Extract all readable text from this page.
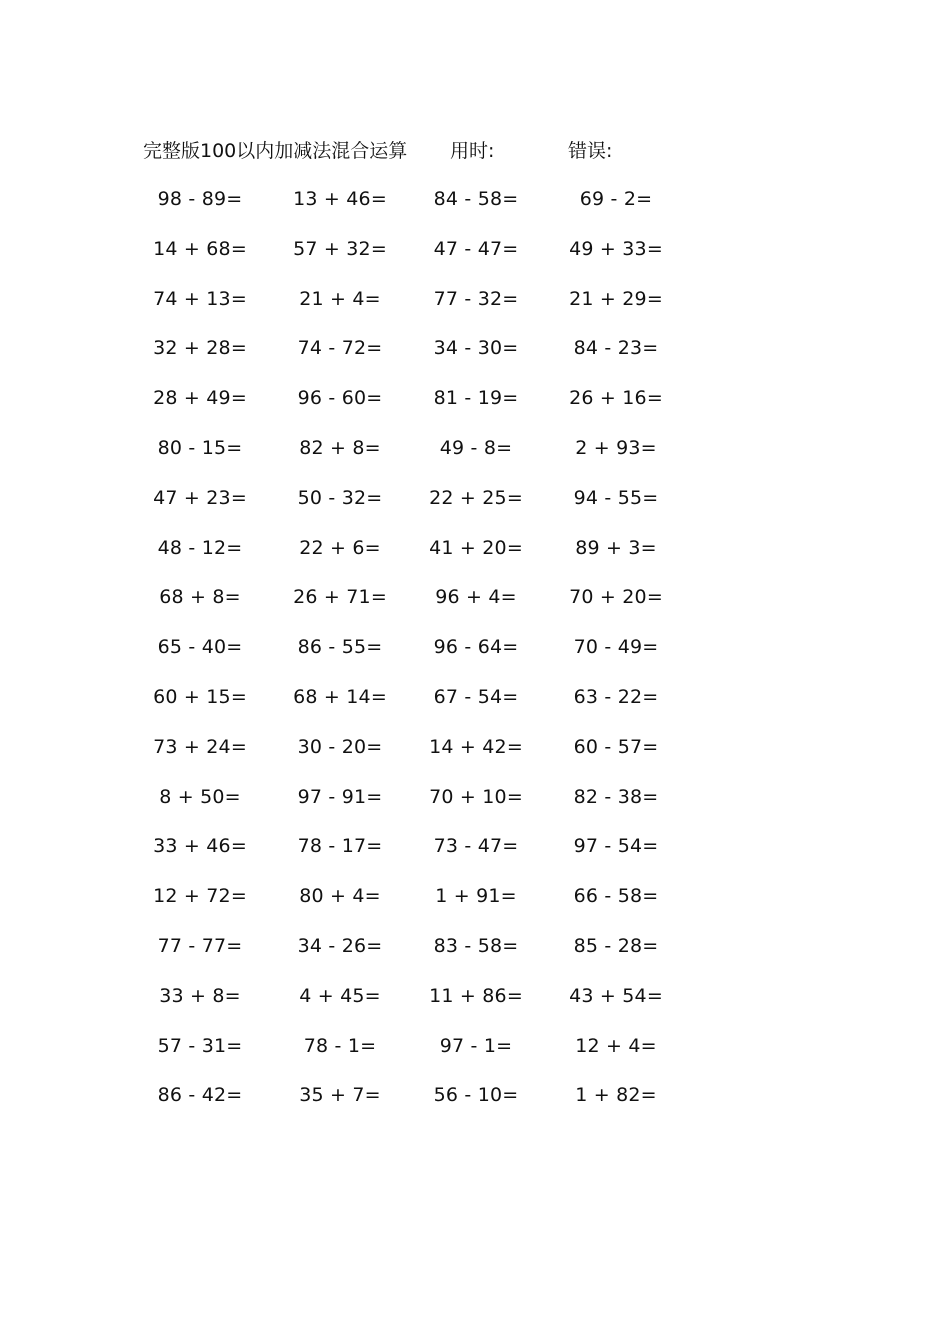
完整版100以内加减法混合运算 用时:	错误:
98 - 89=	13 + 46=	84 - 58=	69 - 2=
14 + 68=	57 + 32=	47 - 47=	49 + 33=
74 + 13=	21 + 4=	77 - 32=	21 + 29=
32 + 28=	74 - 72=	34 - 30=	84 - 23=
28 + 49=	96 - 60=	81 - 19=	26 + 16=
80 - 15=	82 + 8=	49 - 8=	2 + 93=
47 + 23=	50 - 32=	22 + 25=	94 - 55=
48 - 12=	22 + 6=	41 + 20=	89 + 3=
68 + 8=	26 + 71=	96 + 4=	70 + 20=
65 - 40=	86 - 55=	96 - 64=	70 - 49=
60 + 15=	68 + 14=	67 - 54=	63 - 22=
73 + 24=	30 - 20=	14 + 42=	60 - 57=
8 + 50=	97 - 91=	70 + 10=	82 - 38=
33 + 46=	78 - 17=	73 - 47=	97 - 54=
12 + 72=	80 + 4=	1 + 91=	66 - 58=
77 - 77=	34 - 26=	83 - 58=	85 - 28=
33 + 8=	4 + 45=	11 + 86=	43 + 54=
57 - 31=	78 - 1=	97 - 1=	12 + 4=
86 - 42=	35 + 7=	56 - 10=	1 + 82=
